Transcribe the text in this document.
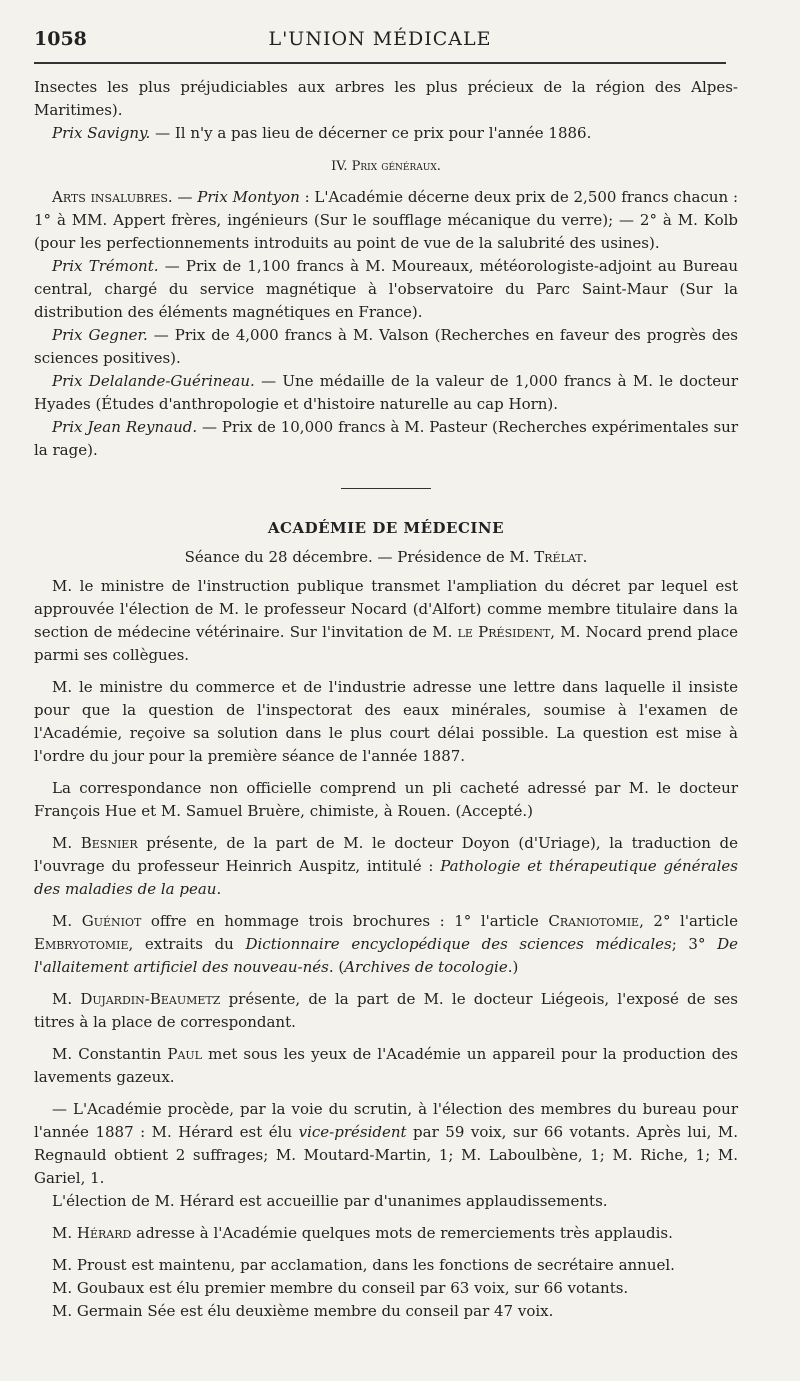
1058	L'UNION MÉDICALE

Insectes les plus préjudiciables aux arbres les plus précieux de la région des Alpes-Maritimes).

Prix Savigny. — Il n'y a pas lieu de décerner ce prix pour l'année 1886.

IV. Prix généraux.

Arts insalubres. — Prix Montyon : L'Académie décerne deux prix de 2,500 francs chacun : 1° à MM. Appert frères, ingénieurs (Sur le soufflage mécanique du verre); — 2° à M. Kolb (pour les perfectionnements introduits au point de vue de la salubrité des usines).

Prix Trémont. — Prix de 1,100 francs à M. Moureaux, météorologiste-adjoint au Bureau central, chargé du service magnétique à l'observatoire du Parc Saint-Maur (Sur la distribution des éléments magnétiques en France).

Prix Gegner. — Prix de 4,000 francs à M. Valson (Recherches en faveur des progrès des sciences positives).

Prix Delalande-Guérineau. — Une médaille de la valeur de 1,000 francs à M. le docteur Hyades (Études d'anthropologie et d'histoire naturelle au cap Horn).

Prix Jean Reynaud. — Prix de 10,000 francs à M. Pasteur (Recherches expérimentales sur la rage).

ACADÉMIE DE MÉDECINE
Séance du 28 décembre. — Présidence de M. Trélat.

M. le ministre de l'instruction publique transmet l'ampliation du décret par lequel est approuvée l'élection de M. le professeur Nocard (d'Alfort) comme membre titulaire dans la section de médecine vétérinaire. Sur l'invitation de M. le Président, M. Nocard prend place parmi ses collègues.

M. le ministre du commerce et de l'industrie adresse une lettre dans laquelle il insiste pour que la question de l'inspectorat des eaux minérales, soumise à l'examen de l'Académie, reçoive sa solution dans le plus court délai possible. La question est mise à l'ordre du jour pour la première séance de l'année 1887.

La correspondance non officielle comprend un pli cacheté adressé par M. le docteur François Hue et M. Samuel Bruère, chimiste, à Rouen. (Accepté.)

M. Besnier présente, de la part de M. le docteur Doyon (d'Uriage), la traduction de l'ouvrage du professeur Heinrich Auspitz, intitulé : Pathologie et thérapeutique générales des maladies de la peau.

M. Guéniot offre en hommage trois brochures : 1° l'article Craniotomie, 2° l'article Embryotomie, extraits du Dictionnaire encyclopédique des sciences médicales; 3° De l'allaitement artificiel des nouveau-nés. (Archives de tocologie.)

M. Dujardin-Beaumetz présente, de la part de M. le docteur Liégeois, l'exposé de ses titres à la place de correspondant.

M. Constantin Paul met sous les yeux de l'Académie un appareil pour la production des lavements gazeux.

— L'Académie procède, par la voie du scrutin, à l'élection des membres du bureau pour l'année 1887 : M. Hérard est élu vice-président par 59 voix, sur 66 votants. Après lui, M. Regnauld obtient 2 suffrages; M. Moutard-Martin, 1; M. Laboulbène, 1; M. Riche, 1; M. Gariel, 1.

L'élection de M. Hérard est accueillie par d'unanimes applaudissements.

M. Hérard adresse à l'Académie quelques mots de remerciements très applaudis.

M. Proust est maintenu, par acclamation, dans les fonctions de secrétaire annuel.

M. Goubaux est élu premier membre du conseil par 63 voix, sur 66 votants.

M. Germain Sée est élu deuxième membre du conseil par 47 voix.
